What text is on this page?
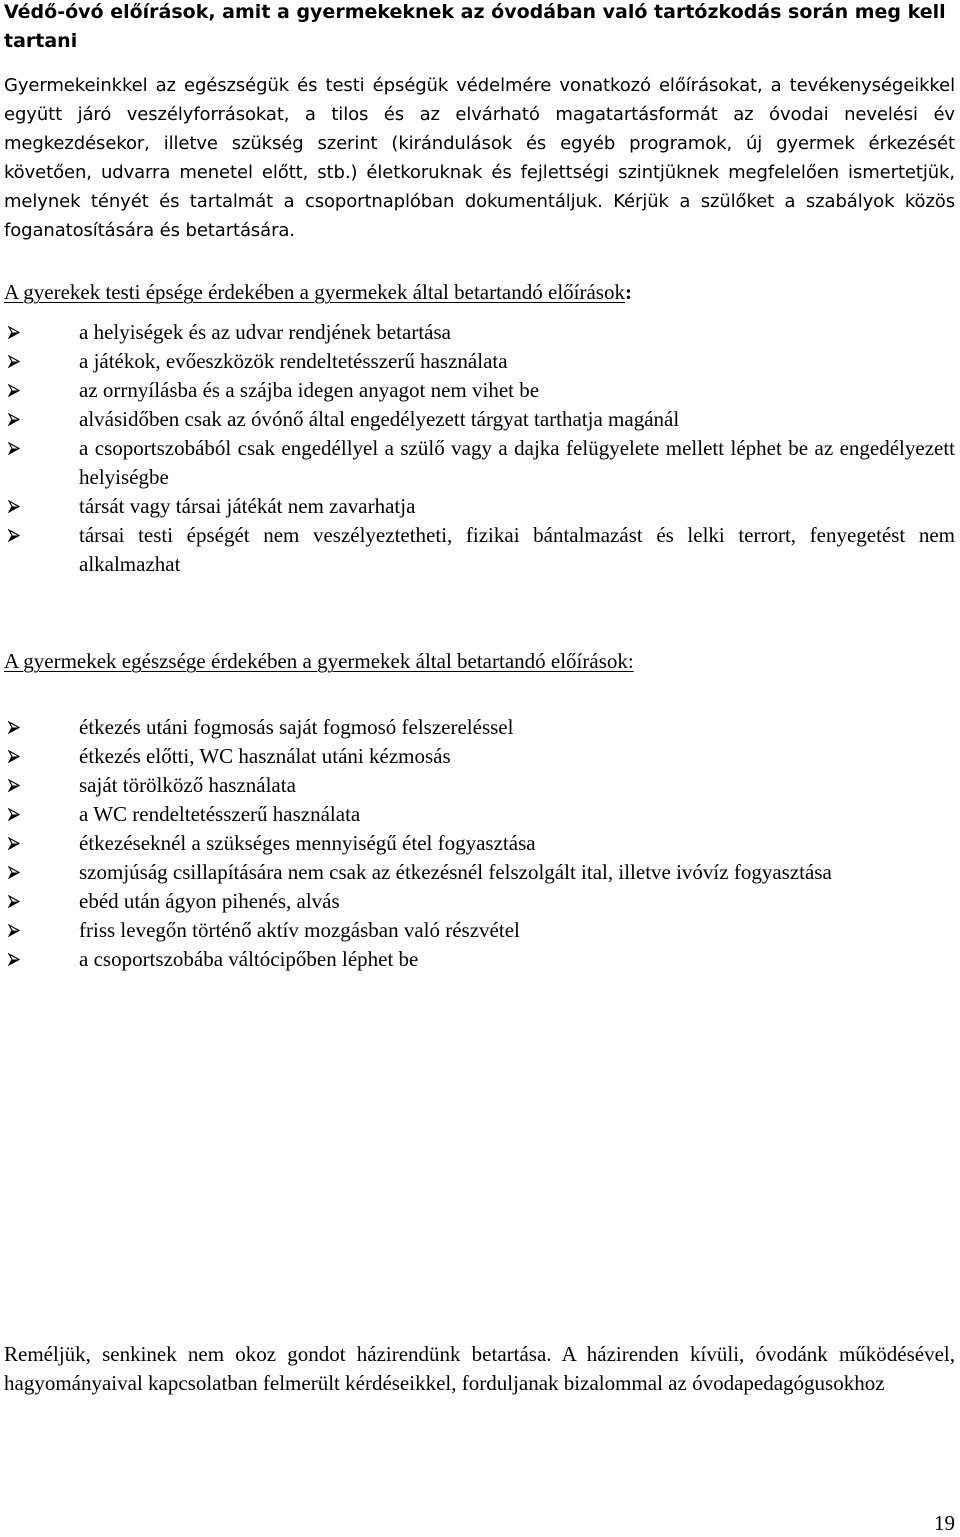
Védő-óvó előírások, amit a gyermekeknek az óvodában való tartózkodás során meg kell tartani

Gyermekeinkkel az egészségük és testi épségük védelmére vonatkozó előírásokat, a tevékenységeikkel együtt járó veszélyforrásokat, a tilos és az elvárható magatartásformát az óvodai nevelési év megkezdésekor, illetve szükség szerint (kirándulások és egyéb programok, új gyermek érkezését követően, udvarra menetel előtt, stb.) életkoruknak és fejlettségi szintjüknek megfelelően ismertetjük, melynek tényét és tartalmát a csoportnaplóban dokumentáljuk. Kérjük a szülőket a szabályok közös foganatosítására és betartására.

A gyerekek testi épsége érdekében a gyermekek által betartandó előírások:
a helyiségek és az udvar rendjének betartása
a játékok, evőeszközök rendeltetésszerű használata
az orrnyílásba és a szájba idegen anyagot nem vihet be
alvásidőben csak az óvónő által engedélyezett tárgyat tarthatja magánál
a csoportszobából csak engedéllyel a szülő vagy a dajka felügyelete mellett léphet be az engedélyezett helyiségbe
társát vagy társai játékát nem zavarhatja
társai testi épségét nem veszélyeztetheti, fizikai bántalmazást és lelki terrort, fenyegetést nem alkalmazhat
A gyermekek egészsége érdekében a gyermekek által betartandó előírások:
étkezés utáni fogmosás saját fogmosó felszereléssel
étkezés előtti, WC használat utáni kézmosás
saját törölköző használata
a WC rendeltetésszerű használata
étkezéseknél a szükséges mennyiségű étel fogyasztása
szomjúság csillapítására nem csak az étkezésnél felszolgált ital, illetve ivóvíz fogyasztása
ebéd után ágyon pihenés, alvás
friss levegőn történő aktív mozgásban való részvétel
a csoportszobába váltócipőben léphet be

Reméljük, senkinek nem okoz gondot házirendünk betartása. A házirenden kívüli, óvodánk működésével, hagyományaival kapcsolatban felmerült kérdéseikkel, forduljanak bizalommal az óvodapedagógusokhoz

19
